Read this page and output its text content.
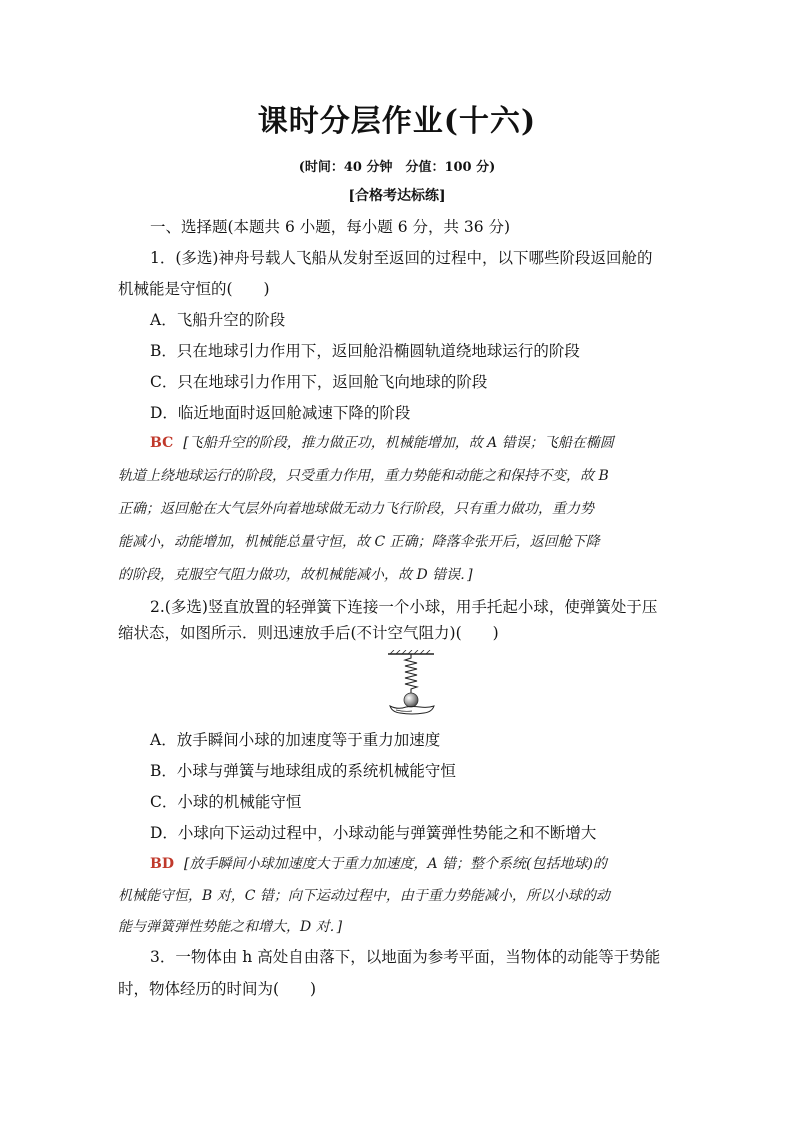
课时分层作业(十六)
(时间：40 分钟　分值：100 分)
[合格考达标练]
一、选择题(本题共 6 小题，每小题 6 分，共 36 分)
1．(多选)神舟号载人飞船从发射至返回的过程中，以下哪些阶段返回舱的
机械能是守恒的(　　)
A．飞船升空的阶段
B．只在地球引力作用下，返回舱沿椭圆轨道绕地球运行的阶段
C．只在地球引力作用下，返回舱飞向地球的阶段
D．临近地面时返回舱减速下降的阶段
BC [飞船升空的阶段，推力做正功，机械能增加，故 A 错误；飞船在椭圆
轨道上绕地球运行的阶段，只受重力作用，重力势能和动能之和保持不变，故 B
正确；返回舱在大气层外向着地球做无动力飞行阶段，只有重力做功，重力势
能减小，动能增加，机械能总量守恒，故 C 正确；降落伞张开后，返回舱下降
的阶段，克服空气阻力做功，故机械能减小，故 D 错误．]
2.(多选)竖直放置的轻弹簧下连接一个小球，用手托起小球，使弹簧处于压
缩状态，如图所示．则迅速放手后(不计空气阻力)(　　)
A．放手瞬间小球的加速度等于重力加速度
B．小球与弹簧与地球组成的系统机械能守恒
C．小球的机械能守恒
D．小球向下运动过程中，小球动能与弹簧弹性势能之和不断增大
BD [放手瞬间小球加速度大于重力加速度，A 错；整个系统(包括地球)的
机械能守恒，B 对，C 错；向下运动过程中，由于重力势能减小，所以小球的动
能与弹簧弹性势能之和增大，D 对．]
3．一物体由 h 高处自由落下，以地面为参考平面，当物体的动能等于势能
时，物体经历的时间为(　　)
